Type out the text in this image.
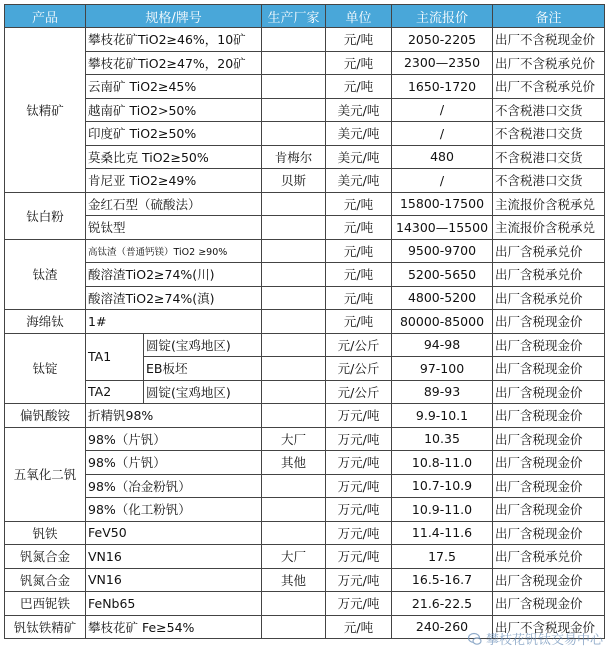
产品	规格/牌号		生产厂家	单位	主流报价	备注
钛精矿	攀枝花矿TiO2≥46%，10矿			元/吨	2050-2205	出厂不含税现金价
	攀枝花矿TiO2≥47%，20矿			元/吨	2300—2350	出厂不含税承兑价
	云南矿 TiO2≥45%			元/吨	1650-1720	出厂不含税承兑价
	越南矿 TiO2>50%			美元/吨	/	不含税港口交货
	印度矿 TiO2≥50%			美元/吨	/	不含税港口交货
	莫桑比克 TiO2≥50%		肯梅尔	美元/吨	480	不含税港口交货
	肯尼亚 TiO2≥49%		贝斯	美元/吨	/	不含税港口交货
钛白粉	金红石型（硫酸法）			元/吨	15800-17500	主流报价含税承兑
	锐钛型			元/吨	14300—15500	主流报价含税承兑
钛渣	高钛渣（普通钙镁）TiO2 ≥90%			元/吨	9500-9700	出厂含税承兑价
	酸溶渣TiO2≥74%(川)			元/吨	5200-5650	出厂含税承兑价
	酸溶渣TiO2≥74%(滇)			元/吨	4800-5200	出厂含税承兑价
海绵钛	1#			元/吨	80000-85000	出厂含税现金价
钛锭	TA1	圆锭(宝鸡地区)		元/公斤	94-98	出厂含税现金价
		EB板坯		元/公斤	97-100	出厂含税现金价
	TA2	圆锭(宝鸡地区)		元/公斤	89-93	出厂含税现金价
偏钒酸铵	折精钒98%			万元/吨	9.9-10.1	出厂含税现金价
五氧化二钒	98%（片钒）		大厂	万元/吨	10.35	出厂含税现金价
	98%（片钒）		其他	万元/吨	10.8-11.0	出厂含税现金价
	98%（冶金粉钒）			万元/吨	10.7-10.9	出厂含税现金价
	98%（化工粉钒）			万元/吨	10.9-11.0	出厂含税现金价
钒铁	FeV50			万元/吨	11.4-11.6	出厂含税现金价
钒氮合金	VN16		大厂	万元/吨	17.5	出厂含税承兑价
钒氮合金	VN16		其他	万元/吨	16.5-16.7	出厂含税现金价
巴西铌铁	FeNb65			万元/吨	21.6-22.5	出厂含税现金价
钒钛铁精矿	攀枝花矿 Fe≥54%			元/吨	240-260	出厂不含税现金价
攀枝花钒钛交易中心
